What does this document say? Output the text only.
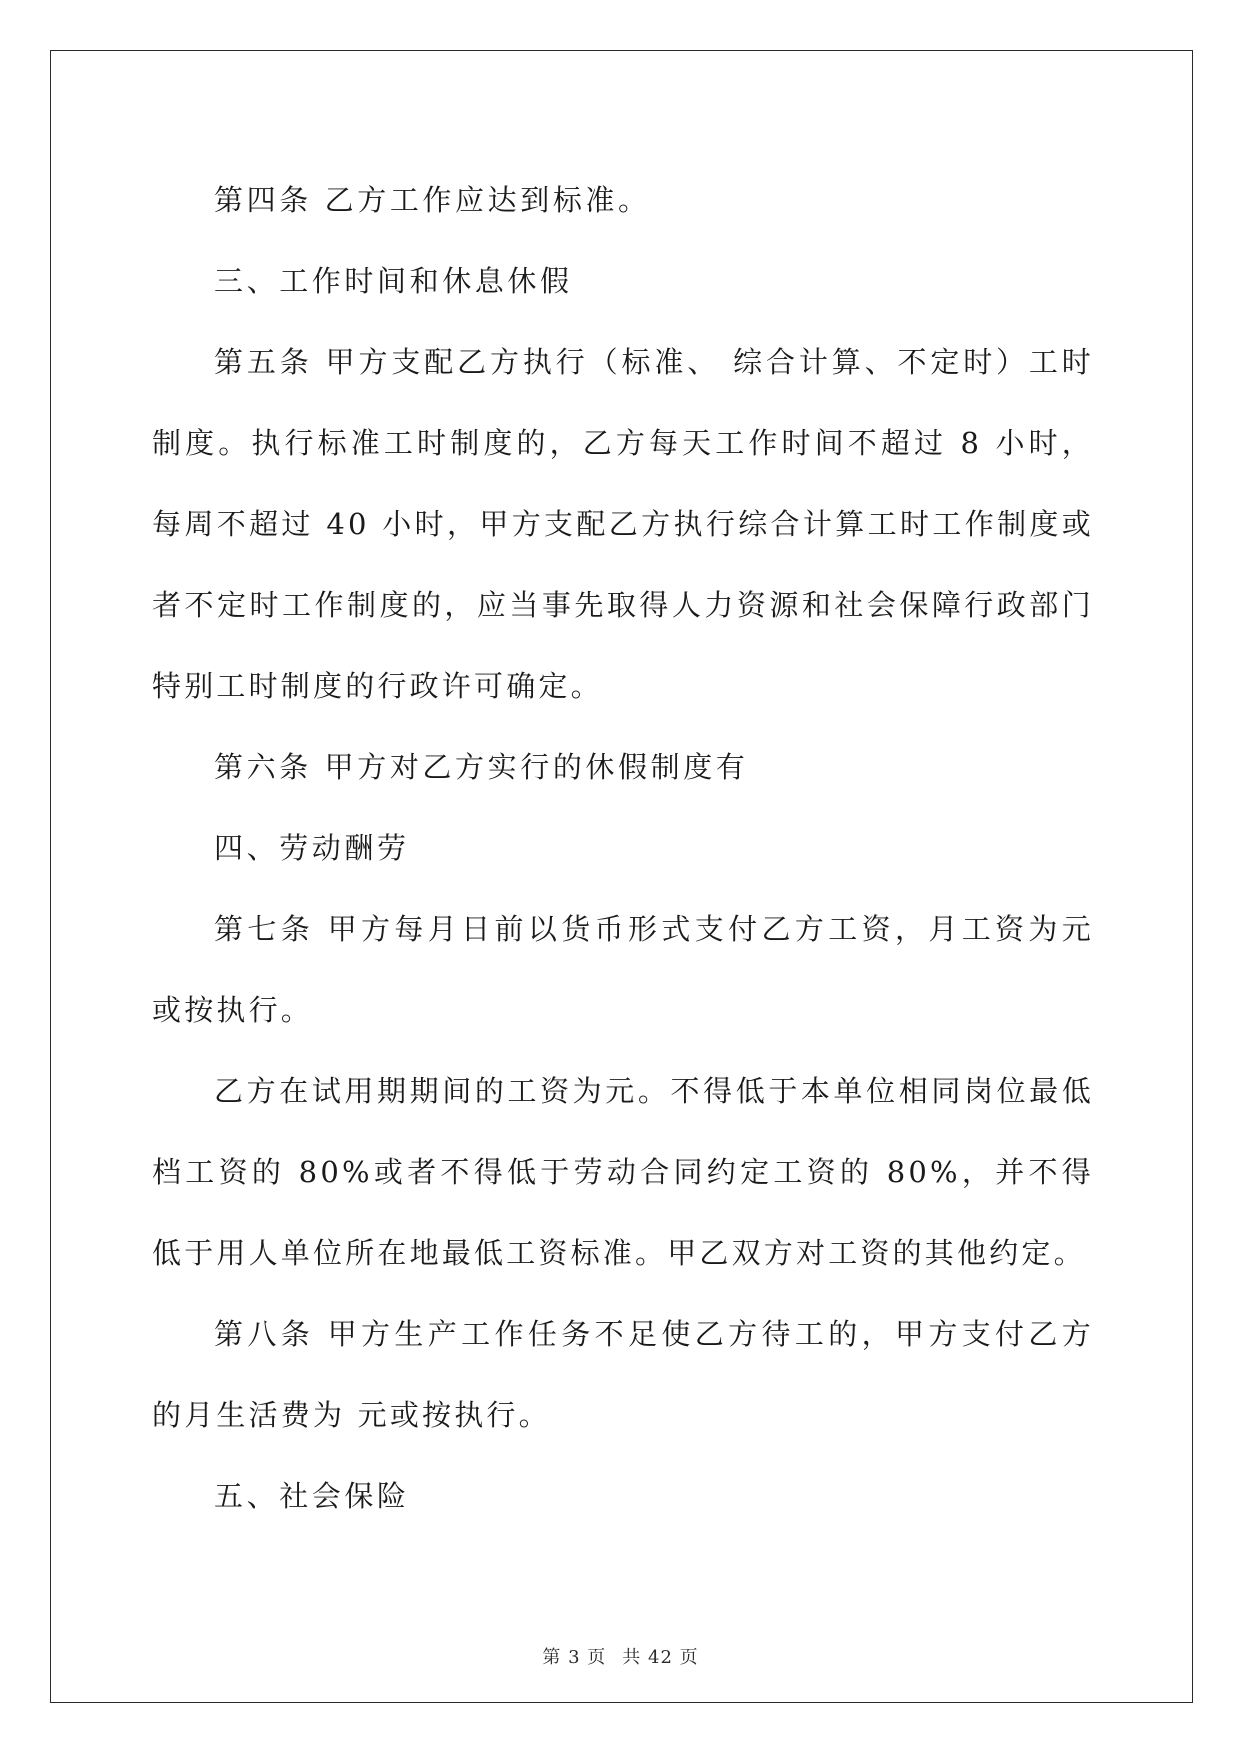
第四条 乙方工作应达到标准。

三、工作时间和休息休假

第五条 甲方支配乙方执行（标准、 综合计算、不定时）工时制度。执行标准工时制度的，乙方每天工作时间不超过 8 小时，每周不超过 40 小时，甲方支配乙方执行综合计算工时工作制度或者不定时工作制度的，应当事先取得人力资源和社会保障行政部门特别工时制度的行政许可确定。

第六条 甲方对乙方实行的休假制度有

四、劳动酬劳

第七条 甲方每月日前以货币形式支付乙方工资，月工资为元或按执行。

乙方在试用期期间的工资为元。不得低于本单位相同岗位最低档工资的 80%或者不得低于劳动合同约定工资的 80%，并不得低于用人单位所在地最低工资标准。甲乙双方对工资的其他约定。

第八条 甲方生产工作任务不足使乙方待工的，甲方支付乙方的月生活费为 元或按执行。

五、社会保险

第 3 页 共 42 页
